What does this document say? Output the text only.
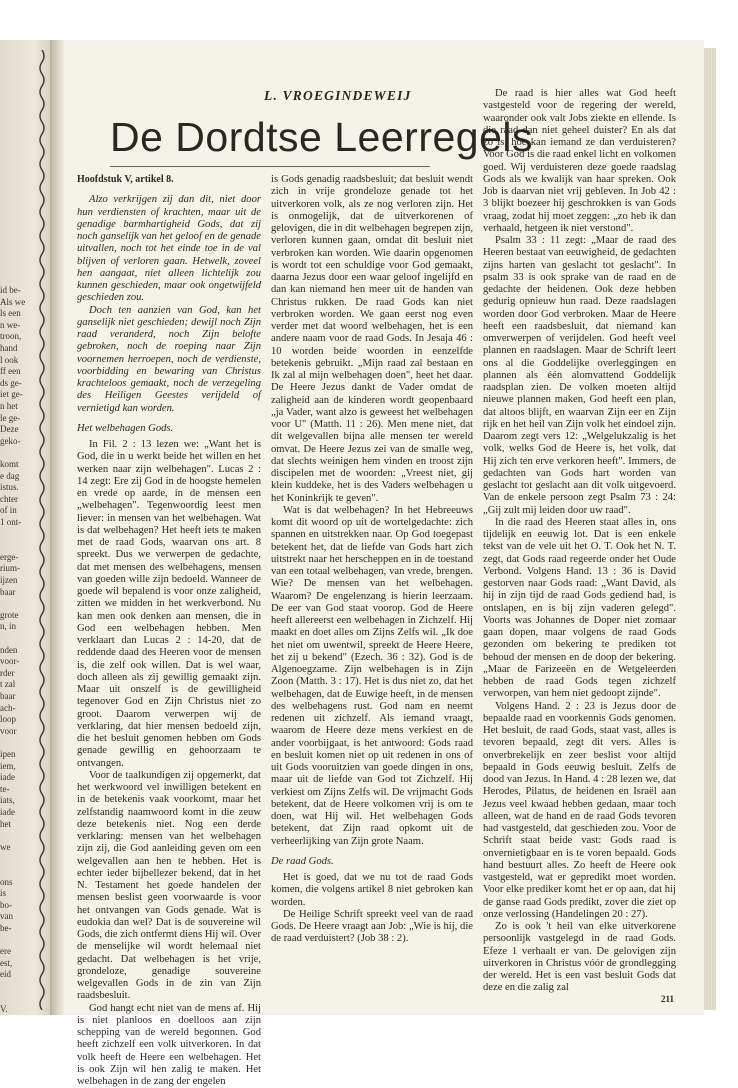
id be-
Als we
ls een
n we-
troon,
hand
l ook
ff een
ds ge-
iet ge-
n het
le ge-
Deze
geko-
komt
e dag
istus.
chter
of in
1 ont-
erge-
rium-
ijzen
baar
grote
n, in
nden
voor-
rder
t zal
baar
ach-
loop
voor
ipen
iem,
iade
te-
iats,
iade
het
we
ons
is
bo-
van
be-
ere
est,
eid
V.
L. VROEGINDEWEIJ
De Dordtse Leerregels

Hoofdstuk V, artikel 8.

Alzo verkrijgen zij dan dit, niet door hun verdiensten of krachten, maar uit de genadige barmhartigheid Gods, dat zij noch ganselijk van het geloof en de genade uitvallen, noch tot het einde toe in de val blijven of verloren gaan. Hetwelk, zoveel hen aangaat, niet alleen lichtelijk zou kunnen geschieden, maar ook ongetwijfeld geschieden zou.

Doch ten aanzien van God, kan het ganselijk niet geschieden; dewijl noch Zijn raad veranderd, noch Zijn belofte gebroken, noch de roeping naar Zijn voornemen herroepen, noch de verdienste, voorbidding en bewaring van Christus krachteloos gemaakt, noch de verzegeling des Heiligen Geestes verijdeld of vernietigd kan worden.

Het welbehagen Gods.

In Fil. 2 : 13 lezen we: „Want het is God, die in u werkt beide het willen en het werken naar zijn welbehagen". Lucas 2 : 14 zegt: Ere zij God in de hoogste hemelen en vrede op aarde, in de mensen een „welbehagen". Tegenwoordig leest men liever: in mensen van het welbehagen. Wat is dat welbehagen? Het heeft iets te maken met de raad Gods, waarvan ons art. 8 spreekt. Dus we verwerpen de gedachte, dat met mensen des welbehagens, mensen van goeden wille zijn bedoeld. Wanneer de goede wil bepalend is voor onze zaligheid, zitten we midden in het werkverbond. Nu kan men ook denken aan mensen, die in God een welbehagen hebben. Men verklaart dan Lucas 2 : 14-20, dat de reddende daad des Heeren voor de mensen is, die zelf ook willen. Dat is wel waar, doch alleen als zij gewillig gemaakt zijn. Maar uit onszelf is de gewilligheid tegenover God en Zijn Christus niet zo groot. Daarom verwerpen wij de verklaring, dat hier mensen bedoeld zijn, die het besluit genomen hebben om Gods genade gewillig en gehoorzaam te ontvangen.

Voor de taalkundigen zij opgemerkt, dat het werkwoord vel inwilligen betekent en in de betekenis vaak voorkomt, maar het zelfstandig naamwoord komt in die zeuw deze betekenis niet. Nog een derde verklaring: mensen van het welbehagen zijn zij, die God aanleiding geven om een welgevallen aan hen te hebben. Het is echter ieder bijbellezer bekend, dat in het N. Testament het goede handelen der mensen beslist geen voorwaarde is voor het ontvangen van Gods genade. Wat is eudokia dan wel? Dat is de souvereine wil Gods, die zich ontfermt diens Hij wil. Over de menselijke wil wordt helemaal niet gedacht. Dat welbehagen is het vrije, grondeloze, genadige souvereine welgevallen Gods in de zin van Zijn raadsbesluit.

God hangt echt niet van de mens af. Hij is niet planloos en doelloos aan zijn schepping van de wereld begonnen. God heeft zichzelf een volk uitverkoren. In dat volk heeft de Heere een welbehagen. Het is ook Zijn wil hen zalig te maken. Het welbehagen in de zang der engelen

is Gods genadig raadsbesluit; dat besluit wendt zich in vrije grondeloze genade tot het uitverkoren volk, als ze nog verloren zijn. Het is onmogelijk, dat de uitverkorenen of gelovigen, die in dit welbehagen begrepen zijn, verloren kunnen gaan, omdat dit besluit niet verbroken kan worden. Wie daarin opgenomen is wordt tot een schuldige voor God gemaakt, daarna Jezus door een waar geloof ingelijfd en dan kan niemand hen meer uit de handen van Christus rukken. De raad Gods kan niet verbroken worden. We gaan eerst nog even verder met dat woord welbehagen, het is een andere naam voor de raad Gods. In Jesaja 46 : 10 worden beide woorden in eenzelfde betekenis gebruikt. „Mijn raad zal bestaan en Ik zal al mijn welbehagen doen", heet het daar. De Heere Jezus dankt de Vader omdat de zaligheid aan de kinderen wordt geopenbaard „ja Vader, want alzo is geweest het welbehagen voor U" (Matth. 11 : 26). Men mene niet, dat dit welgevallen bijna alle mensen ter wereld omvat. De Heere Jezus zei van de smalle weg, dat slechts weinigen hem vinden en troost zijn discipelen met de woorden: „Vreest niet, gij klein kuddeke, het is des Vaders welbehagen u het Koninkrijk te geven".

Wat is dat welbehagen? In het Hebreeuws komt dit woord op uit de wortelgedachte: zich spannen en uitstrekken naar. Op God toegepast betekent het, dat de liefde van Gods hart zich uitstrekt naar het herscheppen en in de toestand van een totaal welbehagen, van vrede, brengen. Wie? De mensen van het welbehagen. Waarom? De engelenzang is hierin leerzaam. De eer van God staat voorop. God de Heere heeft allereerst een welbehagen in Zichzelf. Hij maakt en doet alles om Zijns Zelfs wil. „Ik doe het niet om uwentwil, spreekt de Heere Heere, het zij u bekend" (Ezech. 36 : 32). God is de Algenoegzame. Zijn welbehagen is in Zijn Zoon (Matth. 3 : 17). Het is dus niet zo, dat het welbehagen, dat de Euwige heeft, in de mensen des welbehagens rust. God nam en neemt redenen uit zichzelf. Als iemand vraagt, waarom de Heere deze mens verkiest en de ander voorbijgaat, is het antwoord: Gods raad en besluit komen niet op uit redenen in ons of uit Gods vooruitzien van goede dingen in ons, maar uit de liefde van God tot Zichzelf. Hij verkiest om Zijns Zelfs wil. De vrijmacht Gods betekent, dat de Heere volkomen vrij is om te doen, wat Hij wil. Het welbehagen Gods betekent, dat Zijn raad opkomt uit de verheerlijking van Zijn grote Naam.

De raad Gods.

Het is goed, dat we nu tot de raad Gods komen, die volgens artikel 8 niet gebroken kan worden.

De Heilige Schrift spreekt veel van de raad Gods. De Heere vraagt aan Job: „Wie is hij, die de raad verduistert? (Job 38 : 2).

De raad is hier alles wat God heeft vastgesteld voor de regering der wereld, waaronder ook valt Jobs ziekte en ellende. Is die raad dan niet geheel duister? En als dat zo is, hoe kan iemand ze dan verduisteren? Voor God is die raad enkel licht en volkomen goed. Wij verduisteren deze goede raadslag Gods als we kwalijk van haar spreken. Ook Job is daarvan niet vrij gebleven. In Job 42 : 3 blijkt boezeer hij geschrokken is van Gods vraag, zodat hij moet zeggen: „zo heb ik dan verhaald, hetgeen ik niet verstond".

Psalm 33 : 11 zegt: „Maar de raad des Heeren bestaat van eeuwigheid, de gedachten zijns harten van geslacht tot geslacht". In psalm 33 is ook sprake van de raad en de gedachte der heidenen. Ook deze hebben gedurig opnieuw hun raad. Deze raadslagen worden door God verbroken. Maar de Heere heeft een raadsbesluit, dat niemand kan omverwerpen of verijdelen. God heeft veel plannen en raadslagen. Maar de Schrift leert ons al die Goddelijke overleggingen en plannen als één alomvattend Goddelijk raadsplan zien. De volken moeten altijd nieuwe plannen maken, God heeft een plan, dat altoos blijft, en waarvan Zijn eer en Zijn rijk en het heil van Zijn volk het eindoel zijn. Daarom zegt vers 12: „Welgelukzalig is het volk, welks God de Heere is, het volk, dat Hij zich ten erve verkoren heeft". Immers, de gedachten van Gods hart worden van geslacht tot geslacht aan dit volk uitgevoerd. Van de enkele persoon zegt Psalm 73 : 24: „Gij zult mij leiden door uw raad".

In die raad des Heeren staat alles in, ons tijdelijk en eeuwig lot. Dat is een enkele tekst van de vele uit het O. T. Ook het N. T. zegt, dat Gods raad regeerde onder het Oude Verbond. Volgens Hand. 13 : 36 is David gestorven naar Gods raad: „Want David, als hij in zijn tijd de raad Gods gediend had, is ontslapen, en is bij zijn vaderen gelegd". Voorts was Johannes de Doper niet zomaar gaan dopen, maar volgens de raad Gods gezonden om bekering te prediken tot behoud der mensen en de doop der bekering. „Maar de Farizeeën en de Wetgeleerden hebben de raad Gods tegen zichzelf verworpen, van hem niet gedoopt zijnde".

Volgens Hand. 2 : 23 is Jezus door de bepaalde raad en voorkennis Gods genomen. Het besluit, de raad Gods, staat vast, alles is tevoren bepaald, zegt dit vers. Alles is onverbrekelijk en zeer beslist voor altijd bepaald in Gods eeuwig besluit. Zelfs de dood van Jezus. In Hand. 4 : 28 lezen we, dat Herodes, Pilatus, de heidenen en Israël aan Jezus veel kwaad hebben gedaan, maar toch alleen, wat de hand en de raad Gods tevoren had vastgesteld, dat geschieden zou. Voor de Schrift staat beide vast: Gods raad is onvernietigbaar en is te voren bepaald. Gods hand bestuurt alles. Zo heeft de Heere ook vastgesteld, wat er gepredikt moet worden. Voor elke prediker komt het er op aan, dat hij de ganse raad Gods predikt, zover die ziet op onze verlossing (Handelingen 20 : 27).

Zo is ook 't heil van elke uitverkorene persoonlijk vastgelegd in de raad Gods. Efeze 1 verhaalt er van. De gelovigen zijn uitverkoren in Christus vóór de grondlegging der wereld. Het is een vast besluit Gods dat deze en die zalig zal

211
